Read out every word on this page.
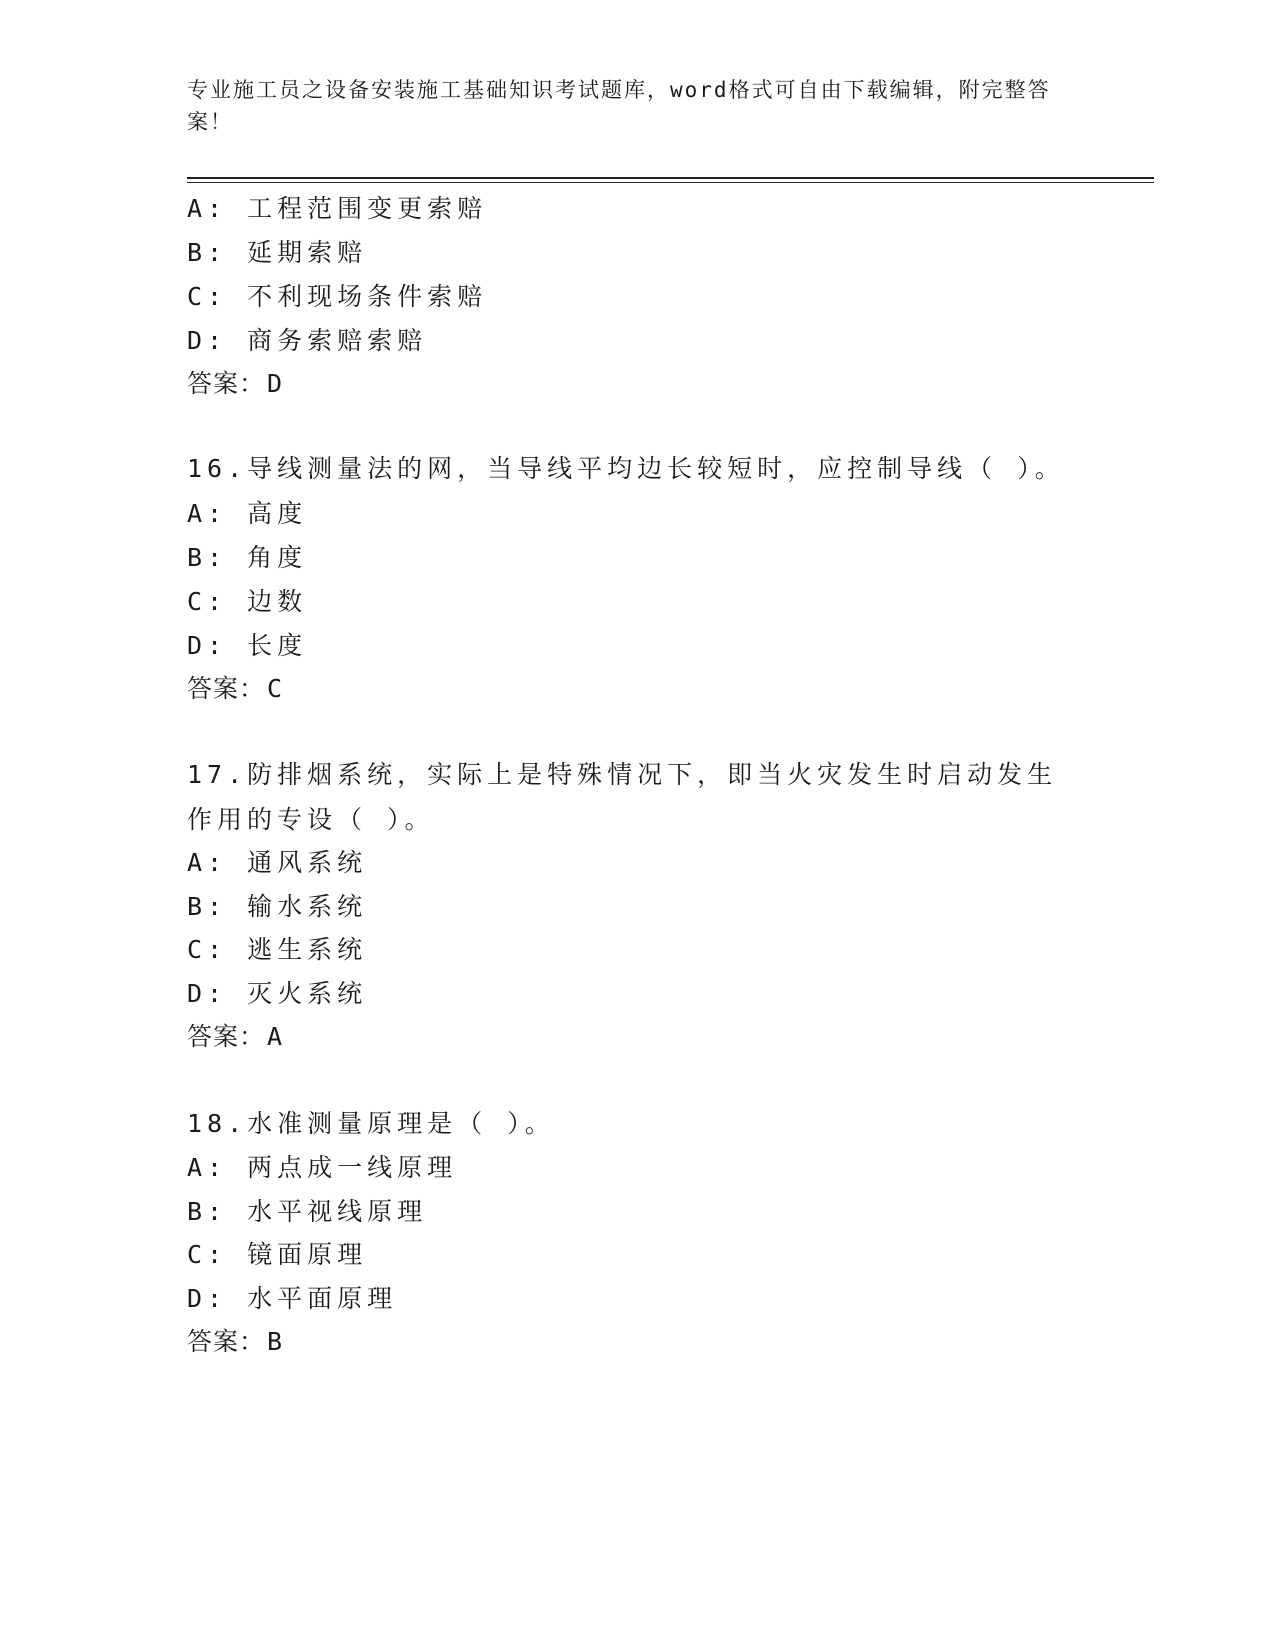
专业施工员之设备安装施工基础知识考试题库，word格式可自由下载编辑，附完整答案！
A: 工程范围变更索赔
B: 延期索赔
C: 不利现场条件索赔
D: 商务索赔索赔
答案：D
16.导线测量法的网，当导线平均边长较短时，应控制导线（ ）。
A: 高度
B: 角度
C: 边数
D: 长度
答案：C
17.防排烟系统，实际上是特殊情况下，即当火灾发生时启动发生作用的专设（ ）。
A: 通风系统
B: 输水系统
C: 逃生系统
D: 灭火系统
答案：A
18.水准测量原理是（ ）。
A: 两点成一线原理
B: 水平视线原理
C: 镜面原理
D: 水平面原理
答案：B
